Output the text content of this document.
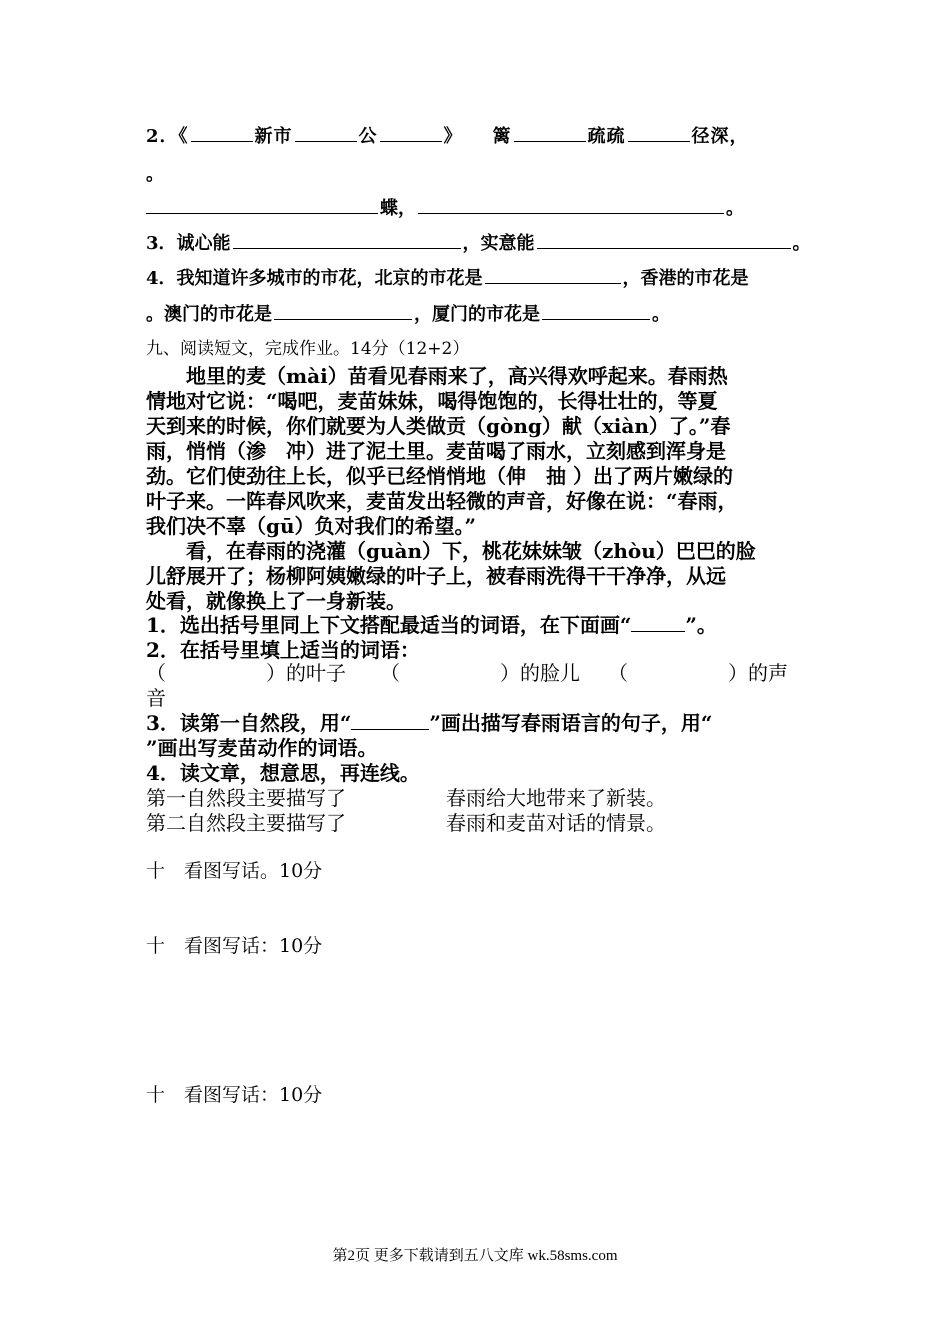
2．《	新市	公	》 篱	疏疏	径深，
。
蝶，	。
3．诚心能	，实意能	。
4．我知道许多城市的市花，北京的市花是	，香港的市花是
。澳门的市花是	，厦门的市花是	。
九、阅读短文，完成作业。14分（12+2）
　　地里的麦（mài）苗看见春雨来了，高兴得欢呼起来。春雨热
情地对它说：“喝吧，麦苗妹妹，喝得饱饱的，长得壮壮的，等夏
天到来的时候，你们就要为人类做贡（gòng）献（xiàn）了。”春
雨，悄悄（渗　冲）进了泥土里。麦苗喝了雨水，立刻感到浑身是
劲。它们使劲往上长，似乎已经悄悄地（伸　抽 ）出了两片嫩绿的
叶子来。一阵春风吹来，麦苗发出轻微的声音，好像在说：“春雨，
我们决不辜（gū）负对我们的希望。”
　　看，在春雨的浇灌（guàn）下，桃花妹妹皱（zhòu）巴巴的脸
儿舒展开了；杨柳阿姨嫩绿的叶子上，被春雨洗得干干净净，从远
处看，就像换上了一身新装。
1．选出括号里同上下文搭配最适当的词语，在下面画“	”。
2．在括号里填上适当的词语：
（　　　　　）的叶子 （　　　　　）的脸儿 （　　　　　）的声
音
3．读第一自然段，用“	”画出描写春雨语言的句子，用“
”画出写麦苗动作的词语。
4．读文章，想意思，再连线。
第一自然段主要描写了	春雨给大地带来了新装。
第二自然段主要描写了	春雨和麦苗对话的情景。
十　看图写话。10分
十　看图写话：10分
十　看图写话：10分
第2页 更多下载请到五八文库 wk.58sms.com
